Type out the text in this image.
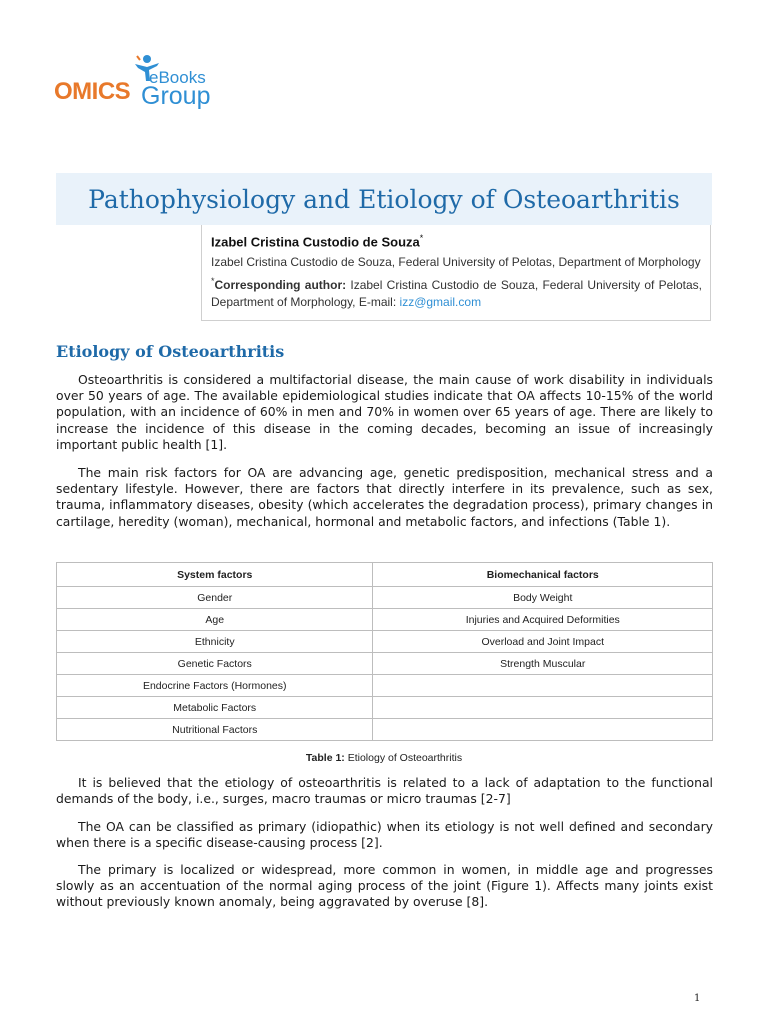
OMICS
eBooks
Group
Pathophysiology and Etiology of Osteoarthritis
Izabel Cristina Custodio de Souza*
Izabel Cristina Custodio de Souza, Federal University of Pelotas, Department of Morphology
*Corresponding author: Izabel Cristina Custodio de Souza, Federal University of Pelotas, Department of Morphology, E-mail: izz@gmail.com
Etiology of Osteoarthritis

Osteoarthritis is considered a multifactorial disease, the main cause of work disability in individuals over 50 years of age. The available epidemiological studies indicate that OA affects 10-15% of the world population, with an incidence of 60% in men and 70% in women over 65 years of age. There are likely to increase the incidence of this disease in the coming decades, becoming an issue of increasingly important public health [1].

The main risk factors for OA are advancing age, genetic predisposition, mechanical stress and a sedentary lifestyle. However, there are factors that directly interfere in its prevalence, such as sex, trauma, inflammatory diseases, obesity (which accelerates the degradation process), primary changes in cartilage, heredity (woman), mechanical, hormonal and metabolic factors, and infections (Table 1).

System factors	Biomechanical factors
Gender	Body Weight
Age	Injuries and Acquired Deformities
Ethnicity	Overload and Joint Impact
Genetic Factors	Strength Muscular
Endocrine Factors (Hormones)	
Metabolic Factors	
Nutritional Factors	
Table 1: Etiology of Osteoarthritis

It is believed that the etiology of osteoarthritis is related to a lack of adaptation to the functional demands of the body, i.e., surges, macro traumas or micro traumas [2-7]

The OA can be classified as primary (idiopathic) when its etiology is not well defined and secondary when there is a specific disease-causing process [2].

The primary is localized or widespread, more common in women, in middle age and progresses slowly as an accentuation of the normal aging process of the joint (Figure 1). Affects many joints exist without previously known anomaly, being aggravated by overuse [8].

1
